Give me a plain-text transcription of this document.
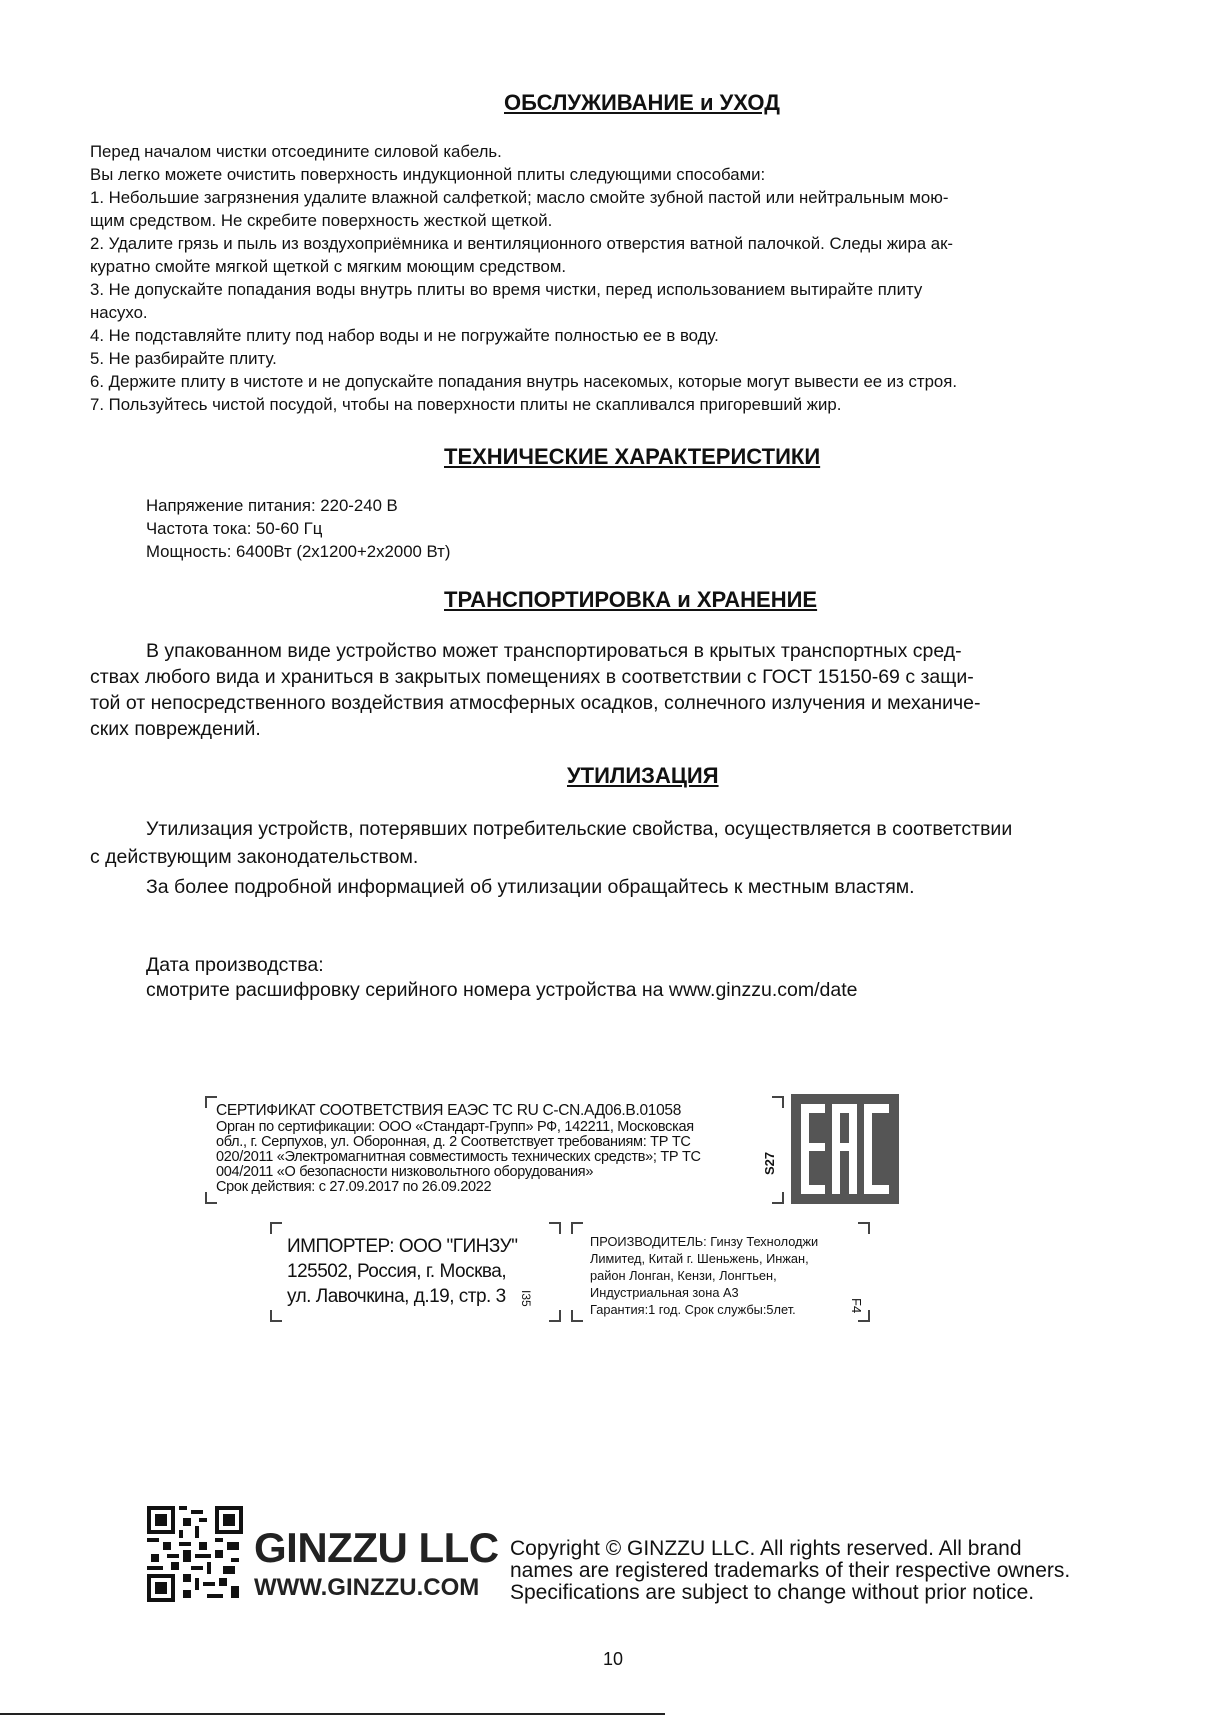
ОБСЛУЖИВАНИЕ и УХОД
Перед началом чистки отсоедините силовой кабель.
Вы легко можете очистить поверхность индукционной плиты следующими способами:
1. Небольшие загрязнения удалите влажной салфеткой; масло смойте зубной пастой или нейтральным мою-
щим средством. Не скребите поверхность жесткой щеткой.
2. Удалите грязь и пыль из воздухоприёмника и вентиляционного отверстия ватной палочкой. Следы жира ак-
куратно смойте мягкой щеткой с мягким моющим средством.
3. Не допускайте попадания воды внутрь плиты во время чистки, перед использованием вытирайте плиту
насухо.
4. Не подставляйте плиту под набор воды и не погружайте полностью ее в воду.
5. Не разбирайте плиту.
6. Держите плиту в чистоте и не допускайте попадания внутрь насекомых, которые могут вывести ее из строя.
7. Пользуйтесь чистой посудой, чтобы на поверхности плиты не скапливался пригоревший жир.
ТЕХНИЧЕСКИЕ ХАРАКТЕРИСТИКИ
Напряжение питания: 220-240 В
Частота тока: 50-60 Гц
Мощность: 6400Вт (2x1200+2x2000 Вт)
ТРАНСПОРТИРОВКА и ХРАНЕНИЕ
В упакованном виде устройство может транспортироваться в крытых транспортных сред-
ствах любого вида и храниться в закрытых помещениях в соответствии с ГОСТ 15150-69 с защи-
той от непосредственного воздействия атмосферных осадков, солнечного излучения и механиче-
ских повреждений.
УТИЛИЗАЦИЯ
Утилизация устройств, потерявших потребительские свойства, осуществляется в соответствии
с действующим законодательством.
За более подробной информацией об утилизации обращайтесь к местным властям.
Дата производства:
смотрите расшифровку серийного номера устройства на www.ginzzu.com/date
СЕРТИФИКАТ СООТВЕТСТВИЯ ЕАЭС TC RU C-CN.АД06.B.01058
Орган по сертификации: ООО «Стандарт-Групп» РФ, 142211, Московская
обл., г. Серпухов, ул. Оборонная, д. 2 Соответствует требованиям: ТР ТС
020/2011 «Электромагнитная совместимость технических средств»; ТР ТС
004/2011 «О безопасности низковольтного оборудования»
Срок действия: с 27.09.2017 по 26.09.2022
S27
ИМПОРТЕР: ООО "ГИНЗУ"
125502, Россия, г. Москва,
ул. Лавочкина, д.19, стр. 3 I35
ПРОИЗВОДИТЕЛЬ: Гинзу Технолоджи
Лимитед, Китай г. Шеньжень, Инжан,
район Лонган, Кензи, Лонгтьен,
Индустриальная зона А3
Гарантия:1 год. Срок службы:5лет.	F4
GINZZU LLC
WWW.GINZZU.COM
Copyright © GINZZU LLC. All rights reserved. All brand
names are registered trademarks of their respective owners.
Specifications are subject to change without prior notice.
10
